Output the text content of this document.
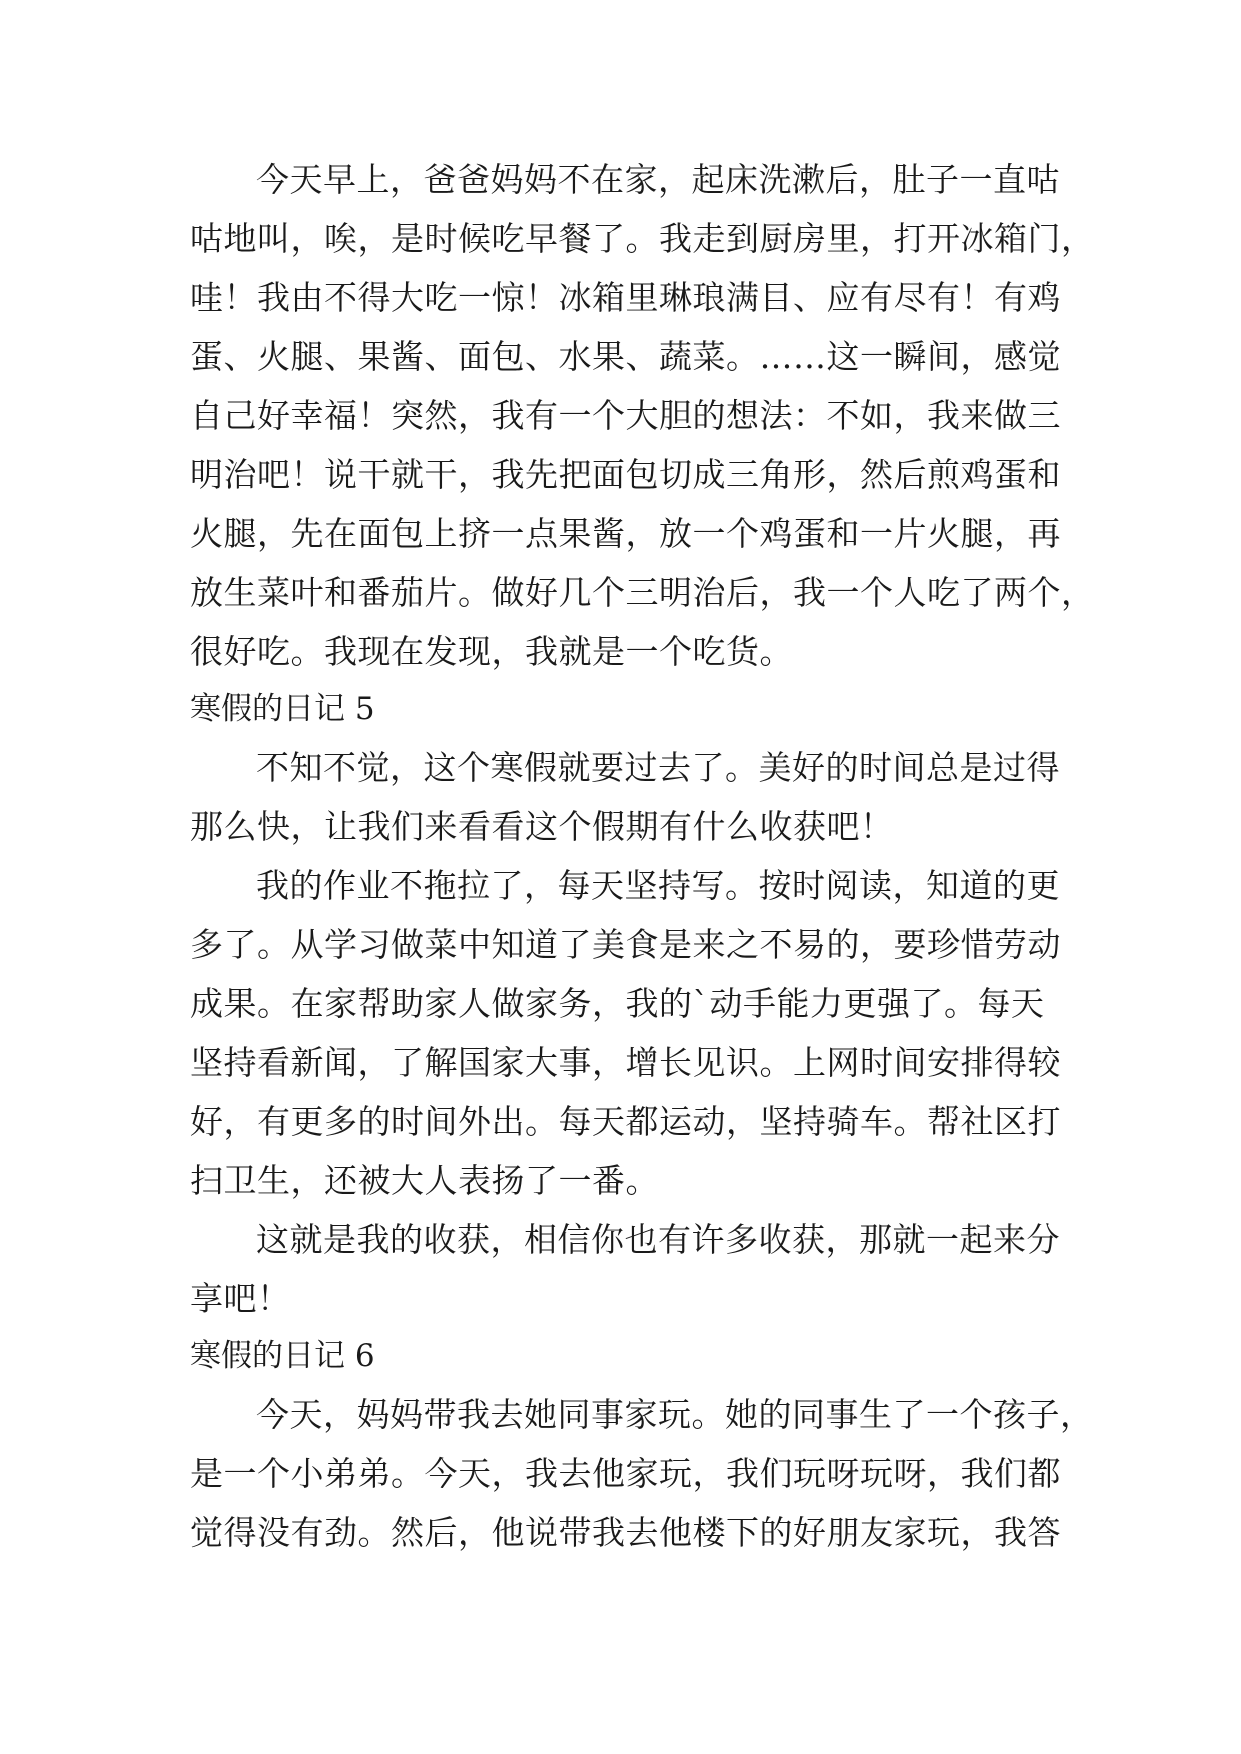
今天早上，爸爸妈妈不在家，起床洗漱后，肚子一直咕
咕地叫，唉，是时候吃早餐了。我走到厨房里，打开冰箱门，
哇！我由不得大吃一惊！冰箱里琳琅满目、应有尽有！有鸡
蛋、火腿、果酱、面包、水果、蔬菜。……这一瞬间，感觉
自己好幸福！突然，我有一个大胆的想法：不如，我来做三
明治吧！说干就干，我先把面包切成三角形，然后煎鸡蛋和
火腿，先在面包上挤一点果酱，放一个鸡蛋和一片火腿，再
放生菜叶和番茄片。做好几个三明治后，我一个人吃了两个，
很好吃。我现在发现，我就是一个吃货。
寒假的日记 5
不知不觉，这个寒假就要过去了。美好的时间总是过得
那么快，让我们来看看这个假期有什么收获吧！
我的作业不拖拉了，每天坚持写。按时阅读，知道的更
多了。从学习做菜中知道了美食是来之不易的，要珍惜劳动
成果。在家帮助家人做家务，我的`动手能力更强了。每天
坚持看新闻，了解国家大事，增长见识。上网时间安排得较
好，有更多的时间外出。每天都运动，坚持骑车。帮社区打
扫卫生，还被大人表扬了一番。
这就是我的收获，相信你也有许多收获，那就一起来分
享吧！
寒假的日记 6
今天，妈妈带我去她同事家玩。她的同事生了一个孩子，
是一个小弟弟。今天，我去他家玩，我们玩呀玩呀，我们都
觉得没有劲。然后，他说带我去他楼下的好朋友家玩，我答
